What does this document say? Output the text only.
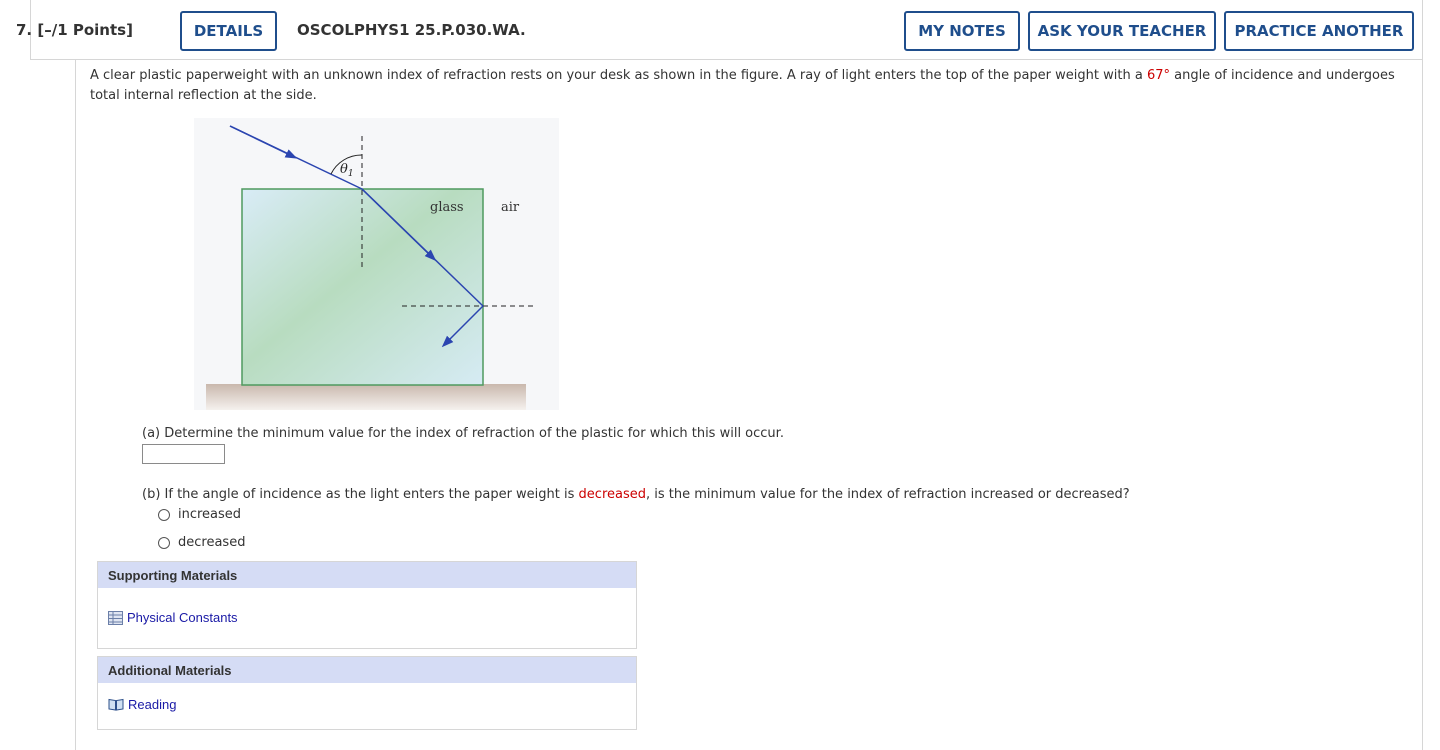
7. [–/1 Points]	DETAILS	OSCOLPHYS1 25.P.030.WA.	MY NOTES	ASK YOUR TEACHER	PRACTICE ANOTHER
A clear plastic paperweight with an unknown index of refraction rests on your desk as shown in the figure. A ray of light enters the top of the paper weight with a 67° angle of incidence and undergoes total internal reflection at the side.
$\theta_1$
glass	air
(a) Determine the minimum value for the index of refraction of the plastic for which this will occur.
(b) If the angle of incidence as the light enters the paper weight is decreased, is the minimum value for the index of refraction increased or decreased?
increased
decreased
Supporting Materials
Physical Constants
Additional Materials
Reading
